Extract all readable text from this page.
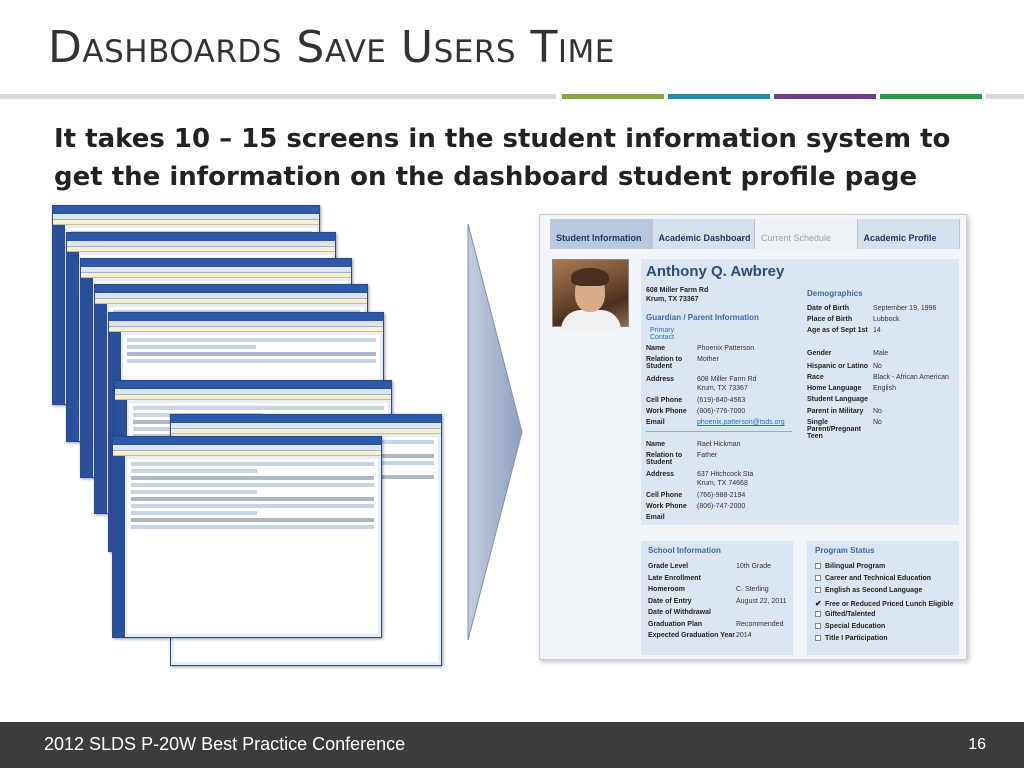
Dashboards Save Users Time
It takes 10 – 15 screens in the student information system to get the information on the dashboard student profile page
Student Information	Academic Dashboard	Current Schedule	Academic Profile
Anthony Q. Awbrey
608 Miller Farm Rd
Krum, TX 73367
Guardian / Parent Information
Primary Contact
Name	Phoenix Patterson
Relation to Student
Mother
Address	608 Miller Farm Rd
Krum, TX 73367
Cell Phone (619)-840-4563
Work Phone (806)-776-7000
Email	phoenix.patterson@tsds.org
Name	Rael Hickman
Relation to Student
Father
Address	637 Hitchcock Sta
Krum, TX 74668
Cell Phone (766)-988-2194
Work Phone (806)-747-2000
Email
Demographics
Date of Birth	September 19, 1996
Place of Birth	Lubbock
Age as of Sept 1st 14
Gender	Male
Hispanic or Latino No
Race	Black - African American
Home Language	English
Student Language
Parent in Military	No
Single Parent/Pregnant Teen
No
School Information
Grade Level	10th Grade
Late Enrollment
Homeroom	C. Sterling
Date of Entry	August 22, 2011
Date of Withdrawal
Graduation Plan	Recommended
Expected Graduation Year 2014
Program Status
Bilingual Program
Career and Technical Education
English as Second Language
✔ Free or Reduced Priced Lunch Eligible
Gifted/Talented
Special Education
Title I Participation
2012 SLDS P-20W Best Practice Conference	16
